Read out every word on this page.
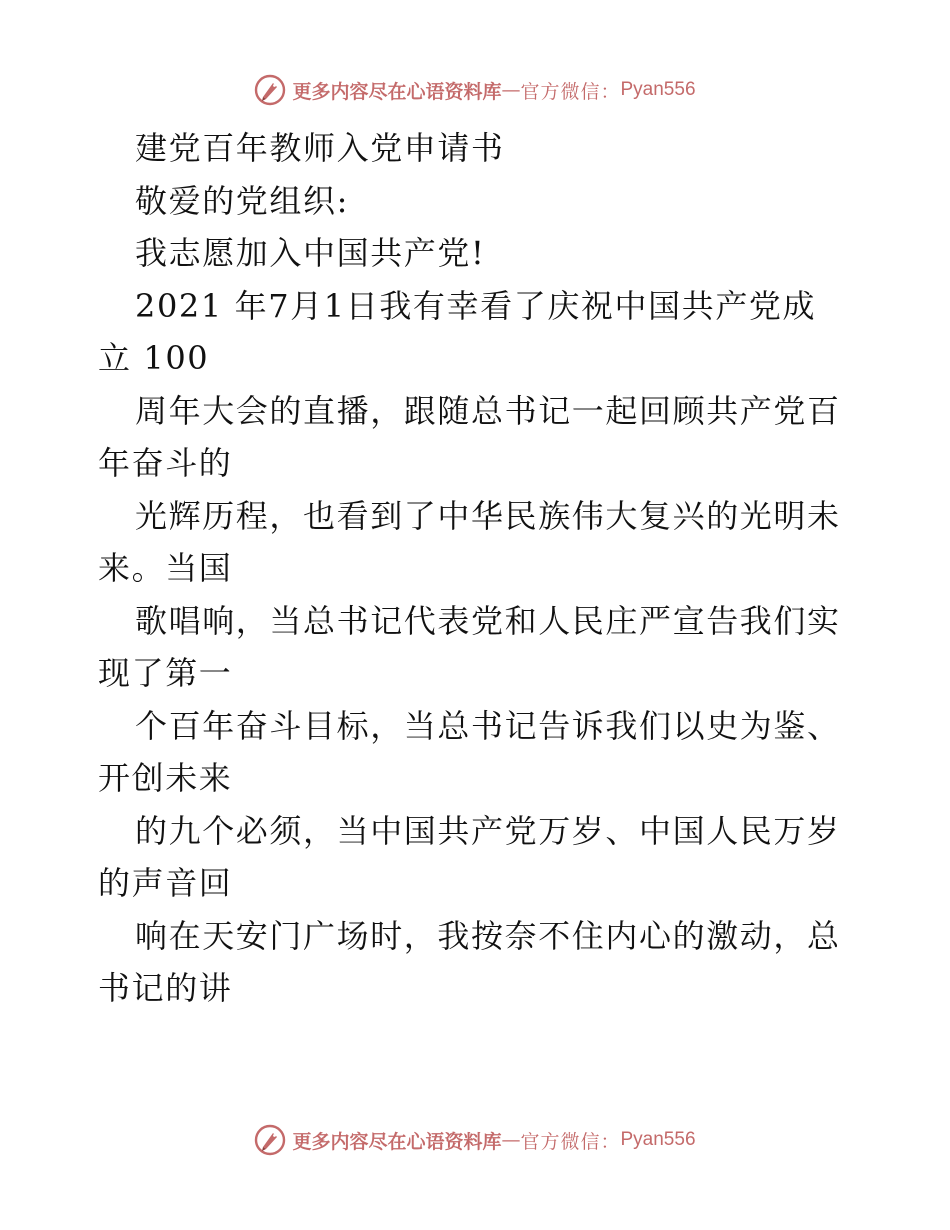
更多内容尽在心语资料库 — 官方微信： Pyan556
建党百年教师入党申请书
敬爱的党组织:
我志愿加入中国共产党!
2021 年7月1日我有幸看了庆祝中国共产党成
立 100
周年大会的直播，跟随总书记一起回顾共产党百
年奋斗的
光辉历程，也看到了中华民族伟大复兴的光明未
来。当国
歌唱响，当总书记代表党和人民庄严宣告我们实
现了第一
个百年奋斗目标，当总书记告诉我们以史为鉴、
开创未来
的九个必须，当中国共产党万岁、中国人民万岁
的声音回
响在天安门广场时，我按奈不住内心的激动，总
书记的讲
更多内容尽在心语资料库 — 官方微信： Pyan556
